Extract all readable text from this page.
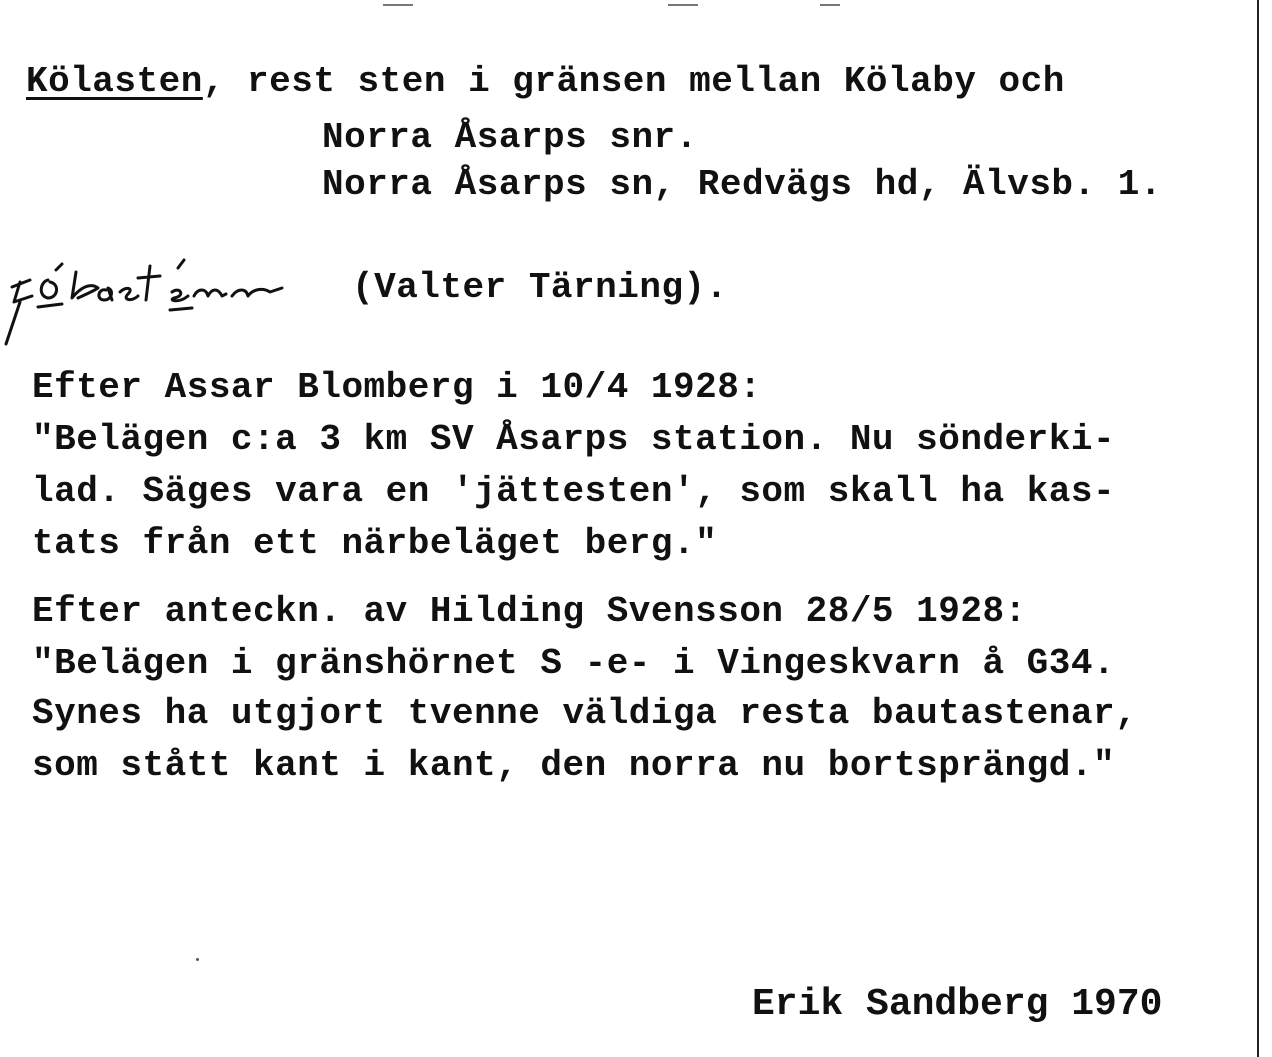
Kölasten, rest sten i gränsen mellan Kölaby och
Norra Åsarps snr.
Norra Åsarps sn, Redvägs hd, Älvsb. 1.
(Valter Tärning).
Efter Assar Blomberg i 10/4 1928:
"Belägen c:a 3 km SV Åsarps station. Nu sönderki-
lad. Säges vara en 'jättesten', som skall ha kas-
tats från ett närbeläget berg."
Efter anteckn. av Hilding Svensson 28/5 1928:
"Belägen i gränshörnet S -e- i Vingeskvarn å G34.
Synes ha utgjort tvenne väldiga resta bautastenar,
som stått kant i kant, den norra nu bortsprängd."
Erik Sandberg 1970
